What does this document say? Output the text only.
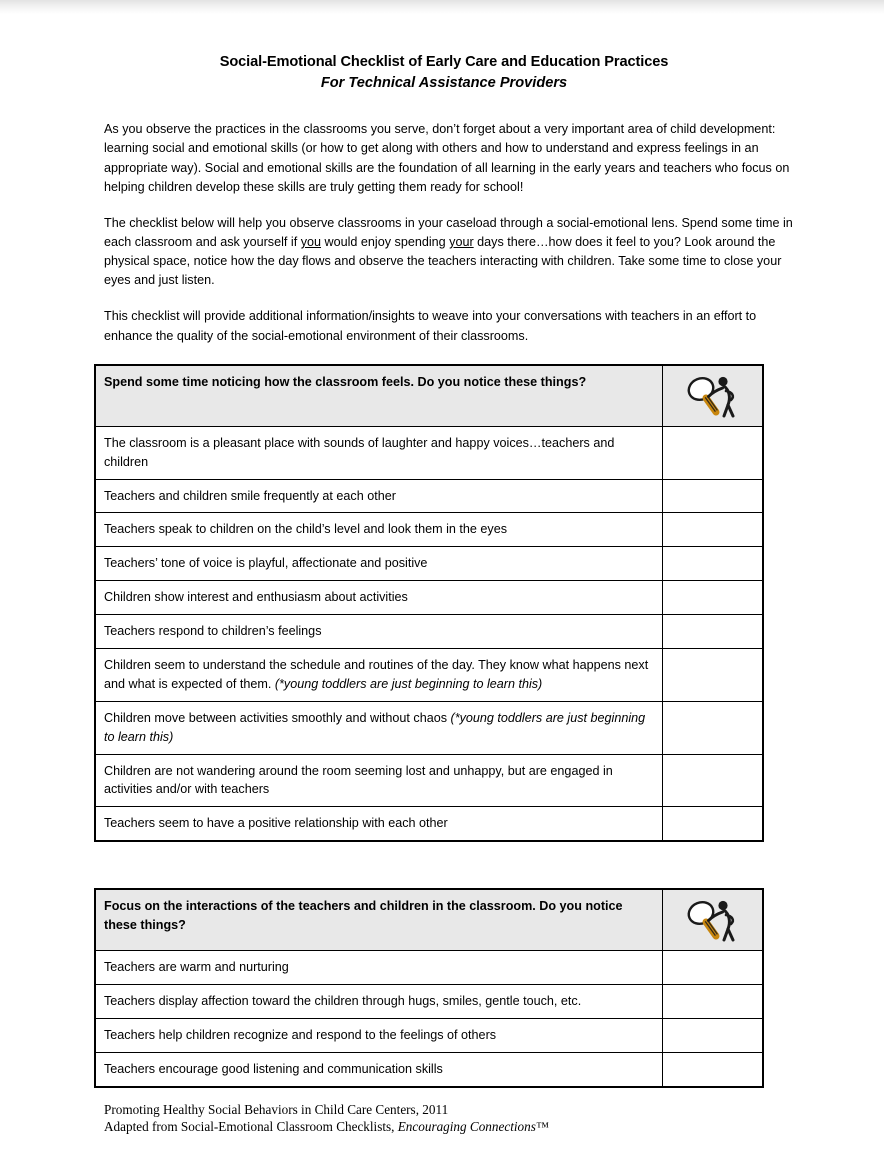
Social-Emotional Checklist of Early Care and Education Practices
For Technical Assistance Providers

As you observe the practices in the classrooms you serve, don’t forget about a very important area of child development: learning social and emotional skills (or how to get along with others and how to understand and express feelings in an appropriate way). Social and emotional skills are the foundation of all learning in the early years and teachers who focus on helping children develop these skills are truly getting them ready for school!

The checklist below will help you observe classrooms in your caseload through a social-emotional lens. Spend some time in each classroom and ask yourself if you would enjoy spending your days there…how does it feel to you? Look around the physical space, notice how the day flows and observe the teachers interacting with children. Take some time to close your eyes and just listen.

This checklist will provide additional information/insights to weave into your conversations with teachers in an effort to enhance the quality of the social-emotional environment of their classrooms.

Spend some time noticing how the classroom feels. Do you notice these things?	

The classroom is a pleasant place with sounds of laughter and happy voices…teachers and children	
Teachers and children smile frequently at each other	
Teachers speak to children on the child’s level and look them in the eyes	
Teachers’ tone of voice is playful, affectionate and positive	
Children show interest and enthusiasm about activities	
Teachers respond to children’s feelings	
Children seem to understand the schedule and routines of the day. They know what happens next and what is expected of them. (*young toddlers are just beginning to learn this)	
Children move between activities smoothly and without chaos (*young toddlers are just beginning to learn this)	
Children are not wandering around the room seeming lost and unhappy, but are engaged in activities and/or with teachers	
Teachers seem to have a positive relationship with each other	
Focus on the interactions of the teachers and children in the classroom. Do you notice these things?	

Teachers are warm and nurturing	
Teachers display affection toward the children through hugs, smiles, gentle touch, etc.	
Teachers help children recognize and respond to the feelings of others	
Teachers encourage good listening and communication skills	
Promoting Healthy Social Behaviors in Child Care Centers, 2011
Adapted from Social-Emotional Classroom Checklists, Encouraging Connections™
